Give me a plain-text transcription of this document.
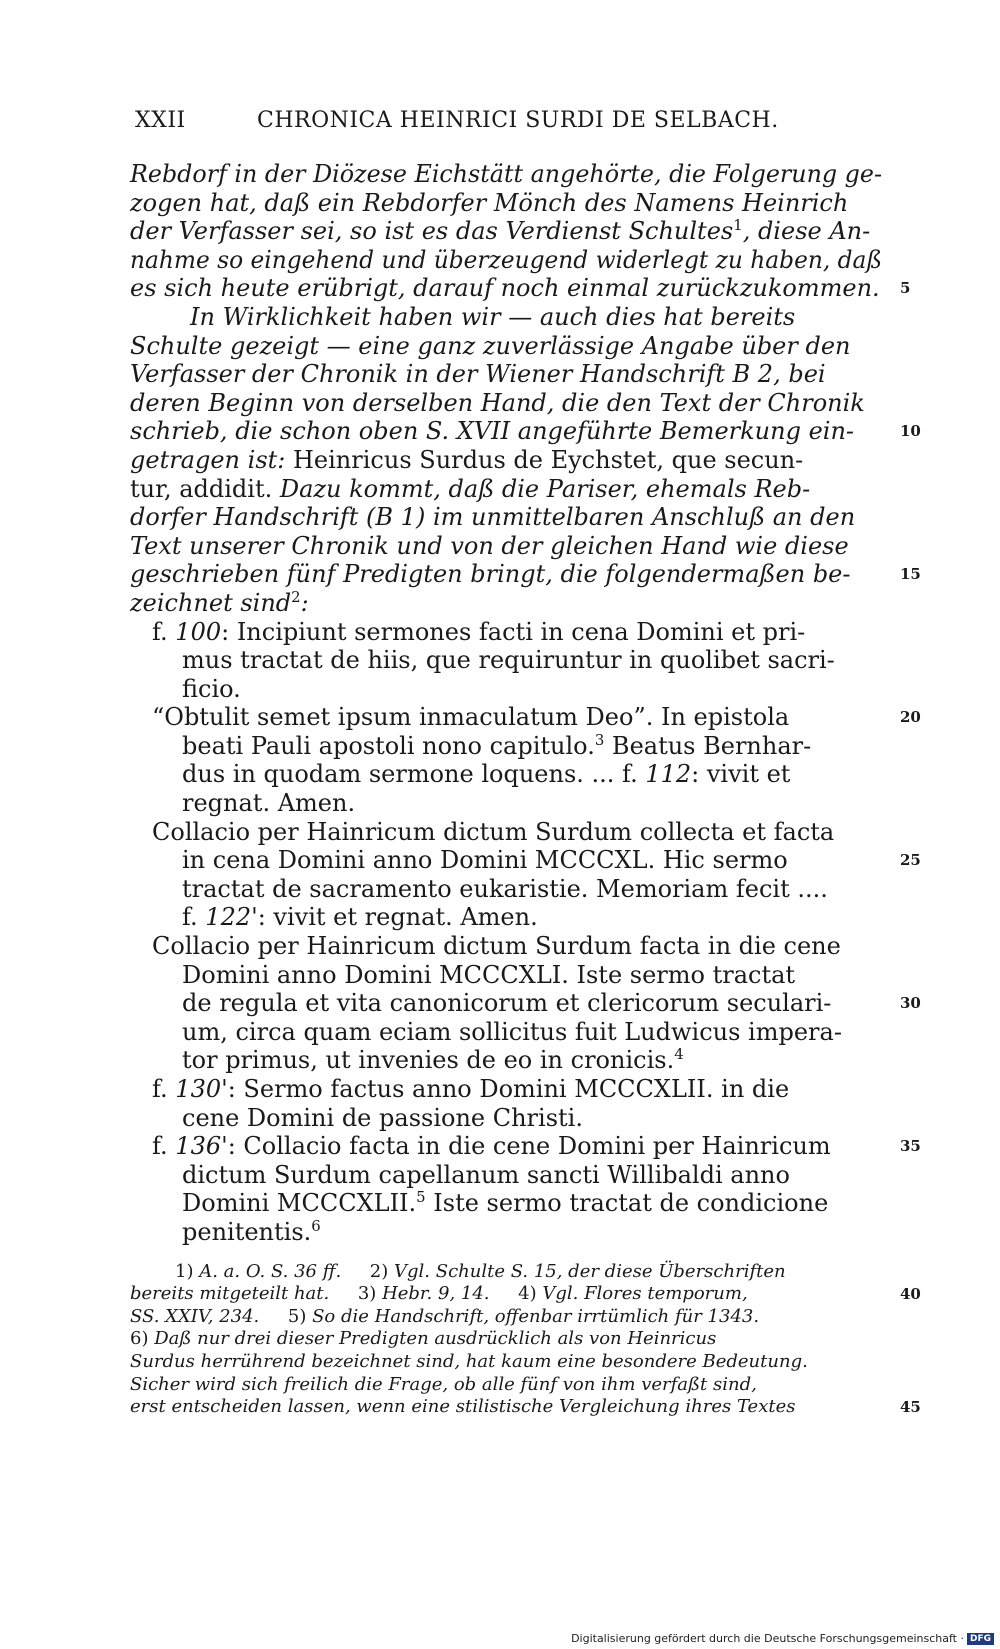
XXII	CHRONICA HEINRICI SURDI DE SELBACH.
Rebdorf in der Diözese Eichstätt angehörte, die Folgerung ge-
zogen hat, daß ein Rebdorfer Mönch des Namens Heinrich
der Verfasser sei, so ist es das Verdienst Schultes$^1$, diese An-
nahme so eingehend und überzeugend widerlegt zu haben, daß
es sich heute erübrigt, darauf noch einmal zurückzukommen. 5
In Wirklichkeit haben wir — auch dies hat bereits
Schulte gezeigt — eine ganz zuverlässige Angabe über den
Verfasser der Chronik in der Wiener Handschrift B 2, bei
deren Beginn von derselben Hand, die den Text der Chronik
schrieb, die schon oben S. XVII angeführte Bemerkung ein-	10
getragen ist: Heinricus Surdus de Eychstet, que secun-
tur, addidit. Dazu kommt, daß die Pariser, ehemals Reb-
dorfer Handschrift (B 1) im unmittelbaren Anschluß an den
Text unserer Chronik und von der gleichen Hand wie diese
geschrieben fünf Predigten bringt, die folgendermaßen be-	15
zeichnet sind$^2$:
f. 100: Incipiunt sermones facti in cena Domini et pri-
mus tractat de hiis, que requiruntur in quolibet sacri-
ficio.
“Obtulit semet ipsum inmaculatum Deo”. In epistola	20
beati Pauli apostoli nono capitulo.$^3$ Beatus Bernhar-
dus in quodam sermone loquens. ... f. 112: vivit et
regnat. Amen.
Collacio per Hainricum dictum Surdum collecta et facta
in cena Domini anno Domini MCCCXL. Hic sermo	25
tractat de sacramento eukaristie. Memoriam fecit ....
f. 122': vivit et regnat. Amen.
Collacio per Hainricum dictum Surdum facta in die cene
Domini anno Domini MCCCXLI. Iste sermo tractat
de regula et vita canonicorum et clericorum seculari-	30
um, circa quam eciam sollicitus fuit Ludwicus impera-
tor primus, ut invenies de eo in cronicis.$^4$
f. 130': Sermo factus anno Domini MCCCXLII. in die
cene Domini de passione Christi.
f. 136': Collacio facta in die cene Domini per Hainricum	35
dictum Surdum capellanum sancti Willibaldi anno
Domini MCCCXLII.$^5$ Iste sermo tractat de condicione
penitentis.$^6$
1) A. a. O. S. 36 ff.     2) Vgl. Schulte S. 15, der diese Überschriften
bereits mitgeteilt hat.     3) Hebr. 9, 14.     4) Vgl. Flores temporum,	40
SS. XXIV, 234.     5) So die Handschrift, offenbar irrtümlich für 1343.
6) Daß nur drei dieser Predigten ausdrücklich als von Heinricus
Surdus herrührend bezeichnet sind, hat kaum eine besondere Bedeutung.
Sicher wird sich freilich die Frage, ob alle fünf von ihm verfaßt sind,
erst entscheiden lassen, wenn eine stilistische Vergleichung ihres Textes	45
Digitalisierung gefördert durch die Deutsche Forschungsgemeinschaft · DFG
